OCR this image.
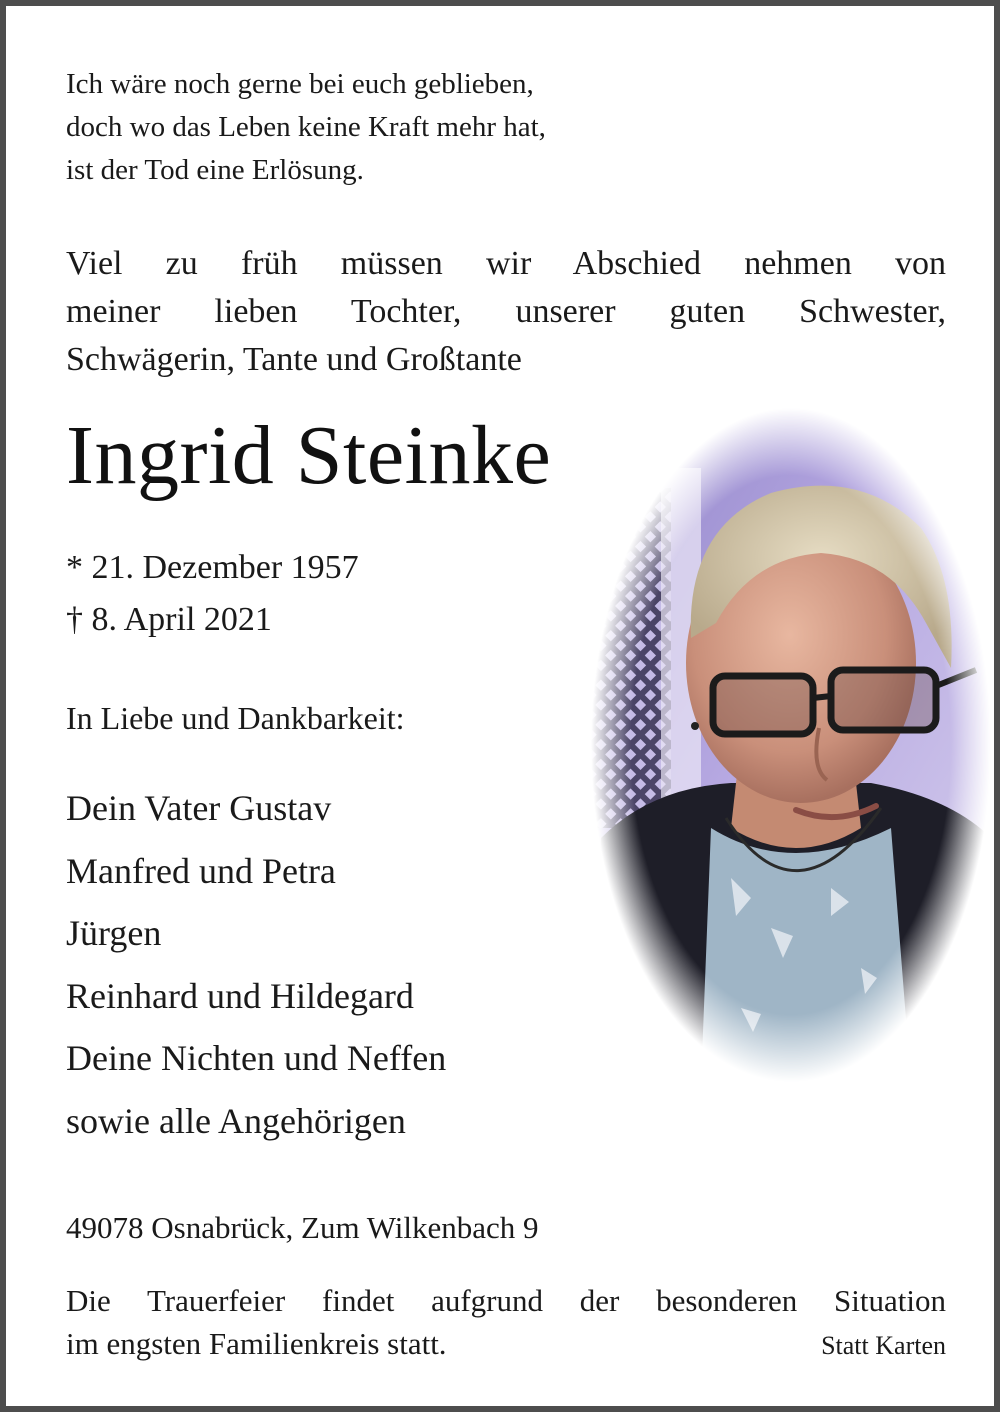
Ich wäre noch gerne bei euch geblieben,
doch wo das Leben keine Kraft mehr hat,
ist der Tod eine Erlösung.
Viel zu früh müssen wir Abschied nehmen von
meiner lieben Tochter, unserer guten Schwester,
Schwägerin, Tante und Großtante
Ingrid Steinke
* 21. Dezember 1957
† 8. April 2021
In Liebe und Dankbarkeit:
Dein Vater Gustav
Manfred und Petra
Jürgen
Reinhard und Hildegard
Deine Nichten und Neffen
sowie alle Angehörigen
49078 Osnabrück, Zum Wilkenbach 9
Die Trauerfeier findet aufgrund der besonderen Situation
im engsten Familienkreis statt.	Statt Karten
